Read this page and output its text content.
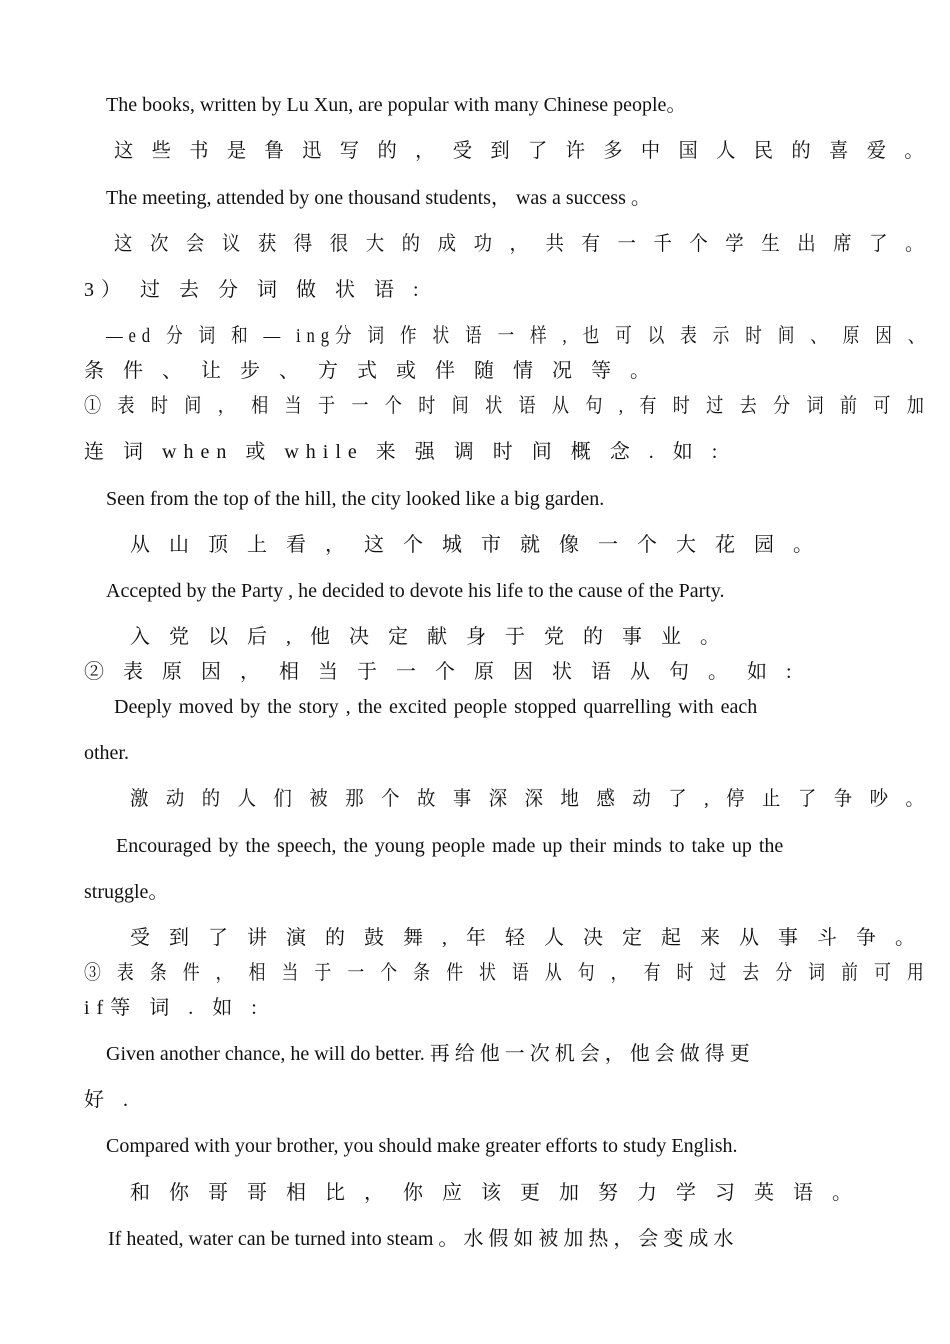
The books, written by Lu Xun, are popular with many Chinese people。
这 些 书 是 鲁 迅 写 的 ， 受 到 了 许 多 中 国 人 民 的 喜 爱 。
The meeting, attended by one thousand students， was a success 。
这 次 会 议 获 得 很 大 的 成 功 ， 共 有 一 千 个 学 生 出 席 了 。
3） 过 去 分 词 做 状 语 :
—ed 分 词 和 — ing分 词 作 状 语 一 样 , 也 可 以 表 示 时 间 、 原 因 、
条 件 、 让 步 、 方 式 或 伴 随 情 况 等 。
① 表 时 间 ， 相 当 于 一 个 时 间 状 语 从 句 , 有 时 过 去 分 词 前 可 加
连 词 when 或 while 来 强 调 时 间 概 念 . 如 :
Seen from the top of the hill, the city looked like a big garden.
从 山 顶 上 看 ， 这 个 城 市 就 像 一 个 大 花 园 。
Accepted by the Party , he decided to devote his life to the cause of the Party.
入 党 以 后 , 他 决 定 献 身 于 党 的 事 业 。
② 表 原 因 ， 相 当 于 一 个 原 因 状 语 从 句 。 如 :
Deeply moved by the story , the excited people stopped quarrelling with each
other.
激 动 的 人 们 被 那 个 故 事 深 深 地 感 动 了 , 停 止 了 争 吵 。
Encouraged by the speech, the young people made up their minds to take up the
struggle。
受 到 了 讲 演 的 鼓 舞 , 年 轻 人 决 定 起 来 从 事 斗 争 。
③ 表 条 件 ， 相 当 于 一 个 条 件 状 语 从 句 ， 有 时 过 去 分 词 前 可 用
if等 词 . 如 :
Given another chance, he will do better. 再 给 他 一 次 机 会 ， 他 会 做 得 更
好 .
Compared with your brother, you should make greater efforts to study English.
和 你 哥 哥 相 比 ， 你 应 该 更 加 努 力 学 习 英 语 。
If heated, water can be turned into steam 。 水 假 如 被 加 热 ， 会 变 成 水
